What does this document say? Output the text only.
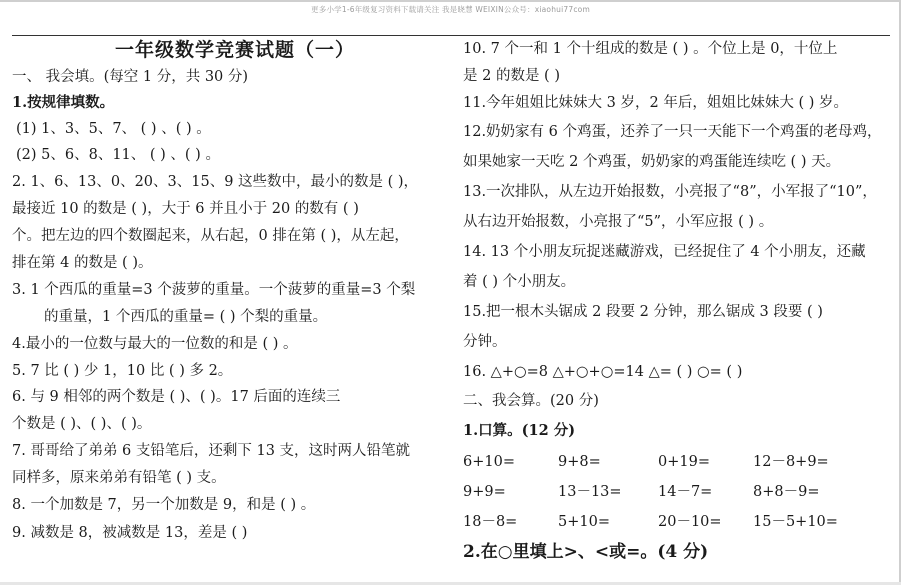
更多小学1-6年级复习资料下载请关注 我是晓慧 WEIXIN公众号：xiaohui77com
一年级数学竞赛试题（一）
一、 我会填。(每空 1 分，共 30 分)
1.按规律填数。
(1) 1、3、5、7、 ( ) 、( ) 。
(2) 5、6、8、11、 ( ) 、( ) 。
2. 1、6、13、0、20、3、15、9 这些数中，最小的数是 ( )，
最接近 10 的数是 ( )，大于 6 并且小于 20 的数有 ( )
个。把左边的四个数圈起来，从右起，0 排在第 ( )，从左起，
排在第 4 的数是 ( )。
3. 1 个西瓜的重量=3 个菠萝的重量。一个菠萝的重量=3 个梨
的重量，1 个西瓜的重量= ( ) 个梨的重量。
4.最小的一位数与最大的一位数的和是 ( ) 。
5. 7 比 ( ) 少 1，10 比 ( ) 多 2。
6. 与 9 相邻的两个数是 ( )、( )。17 后面的连续三
个数是 ( )、( )、( )。
7. 哥哥给了弟弟 6 支铅笔后，还剩下 13 支，这时两人铅笔就
同样多，原来弟弟有铅笔 ( ) 支。
8. 一个加数是 7，另一个加数是 9，和是 ( ) 。
9. 减数是 8，被减数是 13，差是 ( )
10. 7 个一和 1 个十组成的数是 ( ) 。个位上是 0，十位上
是 2 的数是 ( )
11.今年姐姐比妹妹大 3 岁，2 年后，姐姐比妹妹大 ( ) 岁。
12.奶奶家有 6 个鸡蛋，还养了一只一天能下一个鸡蛋的老母鸡，
如果她家一天吃 2 个鸡蛋，奶奶家的鸡蛋能连续吃 ( ) 天。
13.一次排队，从左边开始报数，小亮报了“8”，小军报了“10”，
从右边开始报数，小亮报了“5”，小军应报 ( ) 。
14. 13 个小朋友玩捉迷藏游戏，已经捉住了 4 个小朋友，还藏
着 ( ) 个小朋友。
15.把一根木头锯成 2 段要 2 分钟，那么锯成 3 段要 ( )
分钟。
16. △+○=8 △+○+○=14 △= ( ) ○= ( )
二、我会算。(20 分)
1.口算。(12 分)
6+10=	9+8=	0+19=	12－8+9=
9+9=	13－13=	14－7=	8+8－9=
18－8=	5+10=	20－10=	15－5+10=
2.在○里填上>、<或=。(4 分)
